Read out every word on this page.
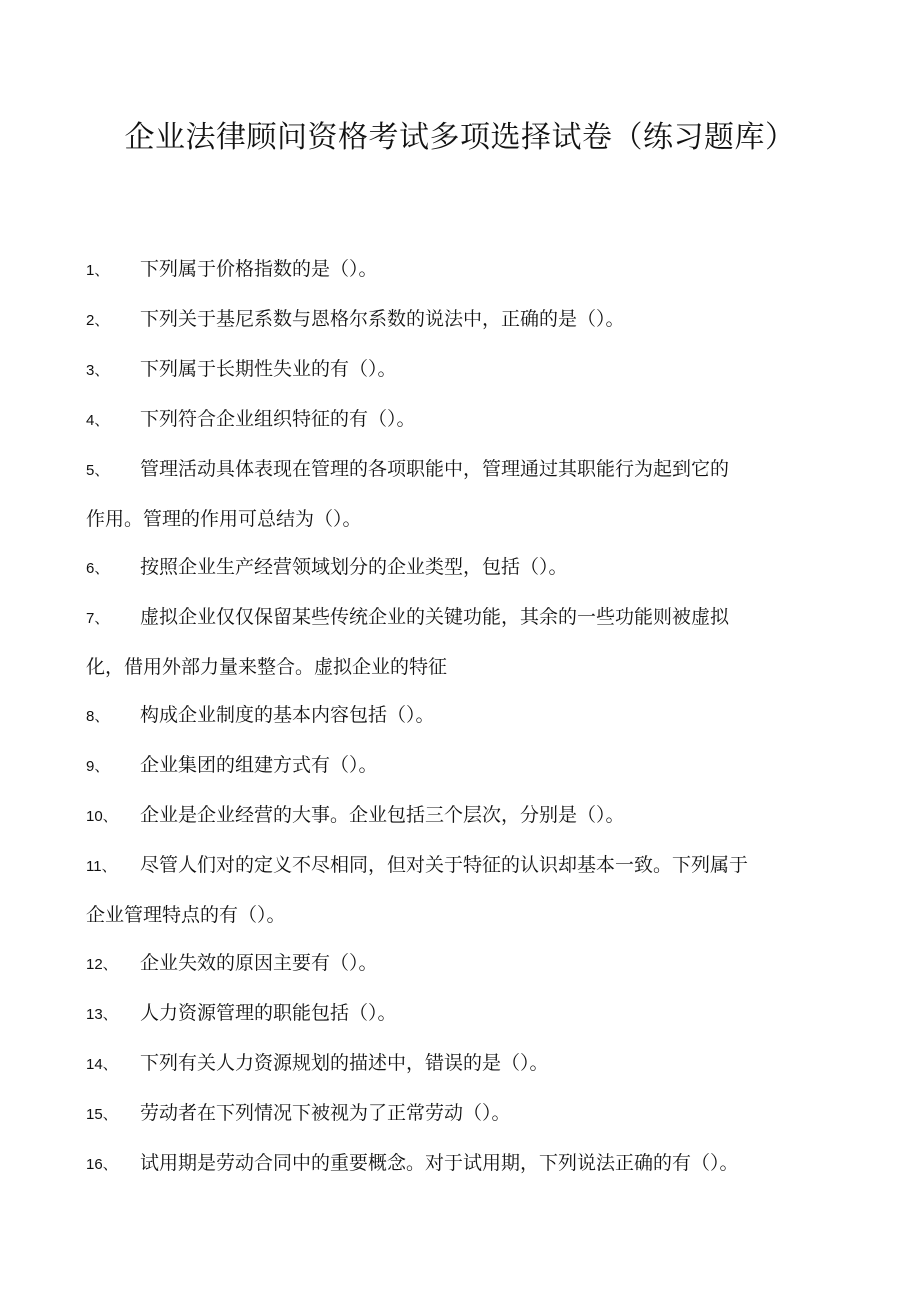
企业法律顾问资格考试多项选择试卷（练习题库）
1、 下列属于价格指数的是（）。
2、 下列关于基尼系数与恩格尔系数的说法中，正确的是（）。
3、 下列属于长期性失业的有（）。
4、 下列符合企业组织特征的有（）。
5、 管理活动具体表现在管理的各项职能中，管理通过其职能行为起到它的
作用。管理的作用可总结为（）。
6、 按照企业生产经营领域划分的企业类型，包括（）。
7、 虚拟企业仅仅保留某些传统企业的关键功能，其余的一些功能则被虚拟
化，借用外部力量来整合。虚拟企业的特征
8、 构成企业制度的基本内容包括（）。
9、 企业集团的组建方式有（）。
10、 企业是企业经营的大事。企业包括三个层次，分别是（）。
11、 尽管人们对的定义不尽相同，但对关于特征的认识却基本一致。下列属于
企业管理特点的有（）。
12、 企业失效的原因主要有（）。
13、 人力资源管理的职能包括（）。
14、 下列有关人力资源规划的描述中，错误的是（）。
15、 劳动者在下列情况下被视为了正常劳动（）。
16、 试用期是劳动合同中的重要概念。对于试用期，下列说法正确的有（）。
